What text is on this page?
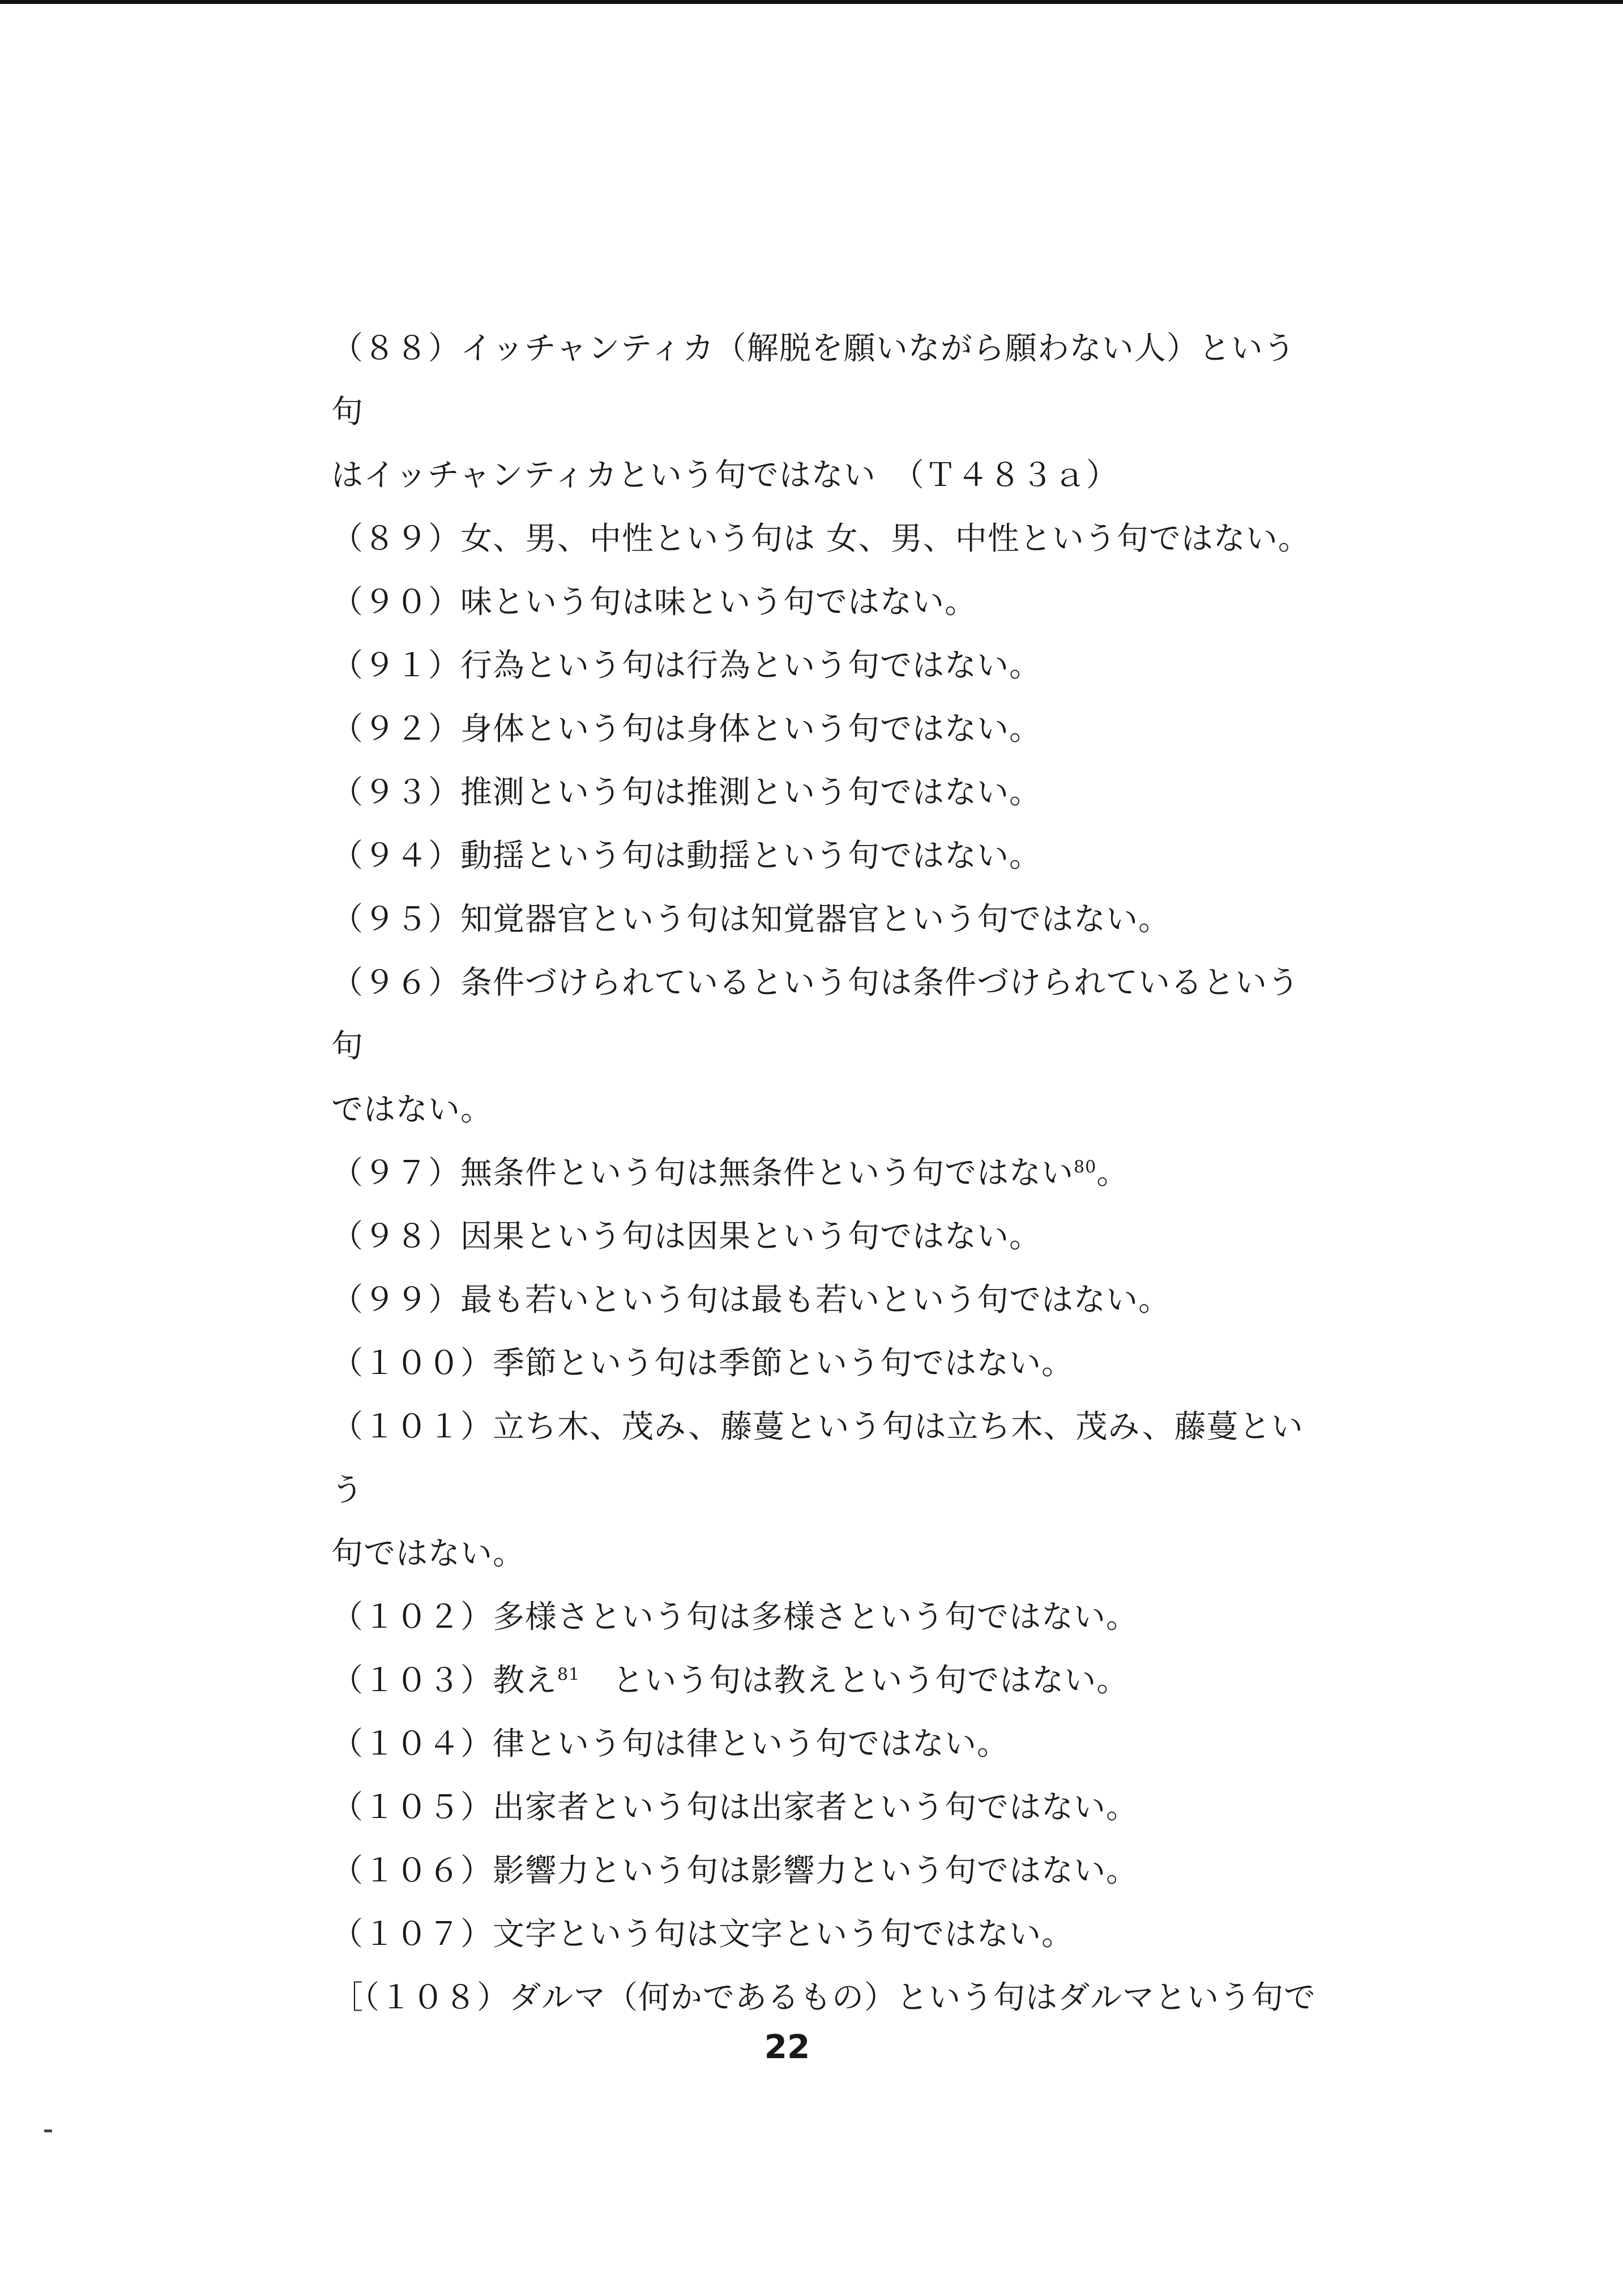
（８８）イッチャンティカ（解脱を願いながら願わない人）という句
はイッチャンティカという句ではない　（Ｔ４８３ａ）
（８９）女、男、中性という句は 女、男、中性という句ではない。
（９０）味という句は味という句ではない。
（９１）行為という句は行為という句ではない。
（９２）身体という句は身体という句ではない。
（９３）推測という句は推測という句ではない。
（９４）動揺という句は動揺という句ではない。
（９５）知覚器官という句は知覚器官という句ではない。
（９６）条件づけられているという句は条件づけられているという句
ではない。
（９７）無条件という句は無条件という句ではない$^{80}$。
（９８）因果という句は因果という句ではない。
（９９）最も若いという句は最も若いという句ではない。
（１００）季節という句は季節という句ではない。
（１０１）立ち木、茂み、藤蔓という句は立ち木、茂み、藤蔓という
句ではない。
（１０２）多様さという句は多様さという句ではない。
（１０３）教え$^{81}$　という句は教えという句ではない。
（１０４）律という句は律という句ではない。
（１０５）出家者という句は出家者という句ではない。
（１０６）影響力という句は影響力という句ではない。
（１０７）文字という句は文字という句ではない。
［（１０８）ダルマ（何かであるもの）という句はダルマという句で
22
